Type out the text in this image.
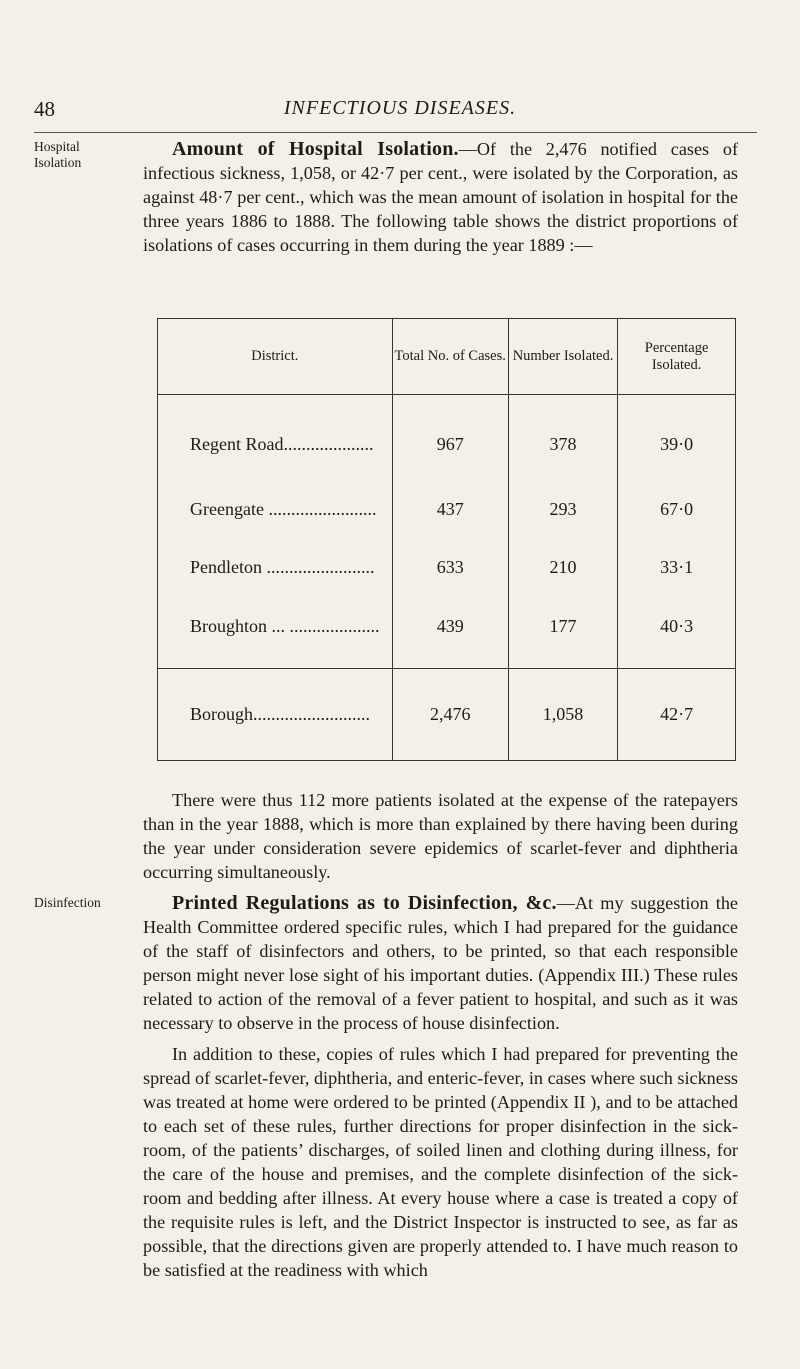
48	INFECTIOUS DISEASES.
Hospital
Isolation

Amount of Hospital Isolation.—Of the 2,476 notified cases of infectious sickness, 1,058, or 42·7 per cent., were isolated by the Corporation, as against 48·7 per cent., which was the mean amount of isolation in hospital for the three years 1886 to 1888. The following table shows the district proportions of isolations of cases occurring in them during the year 1889 :—

District.	Total No. of Cases.	Number Isolated.	Percentage Isolated.
Regent Road....................	967	378	39·0
Greengate ........................	437	293	67·0
Pendleton ........................	633	210	33·1
Broughton ... ....................	439	177	40·3
Borough..........................	2,476	1,058	42·7

There were thus 112 more patients isolated at the expense of the ratepayers than in the year 1888, which is more than explained by there having been during the year under consideration severe epidemics of scarlet-fever and diphtheria occurring simultaneously.

Disinfection	Printed Regulations as to Disinfection, &c.—At my suggestion the Health Committee ordered specific rules, which I had prepared for the guidance of the staff of disinfectors and others, to be printed, so that each responsible person might never lose sight of his important duties. (Appendix III.) These rules related to action of the removal of a fever patient to hospital, and such as it was necessary to observe in the process of house disinfection.

In addition to these, copies of rules which I had prepared for preventing the spread of scarlet-fever, diphtheria, and enteric-fever, in cases where such sickness was treated at home were ordered to be printed (Appendix II ), and to be attached to each set of these rules, further directions for proper disinfection in the sick-room, of the patients’ discharges, of soiled linen and clothing during illness, for the care of the house and premises, and the complete disinfection of the sick-room and bedding after illness. At every house where a case is treated a copy of the requisite rules is left, and the District Inspector is instructed to see, as far as possible, that the directions given are properly attended to. I have much reason to be satisfied at the readiness with which
